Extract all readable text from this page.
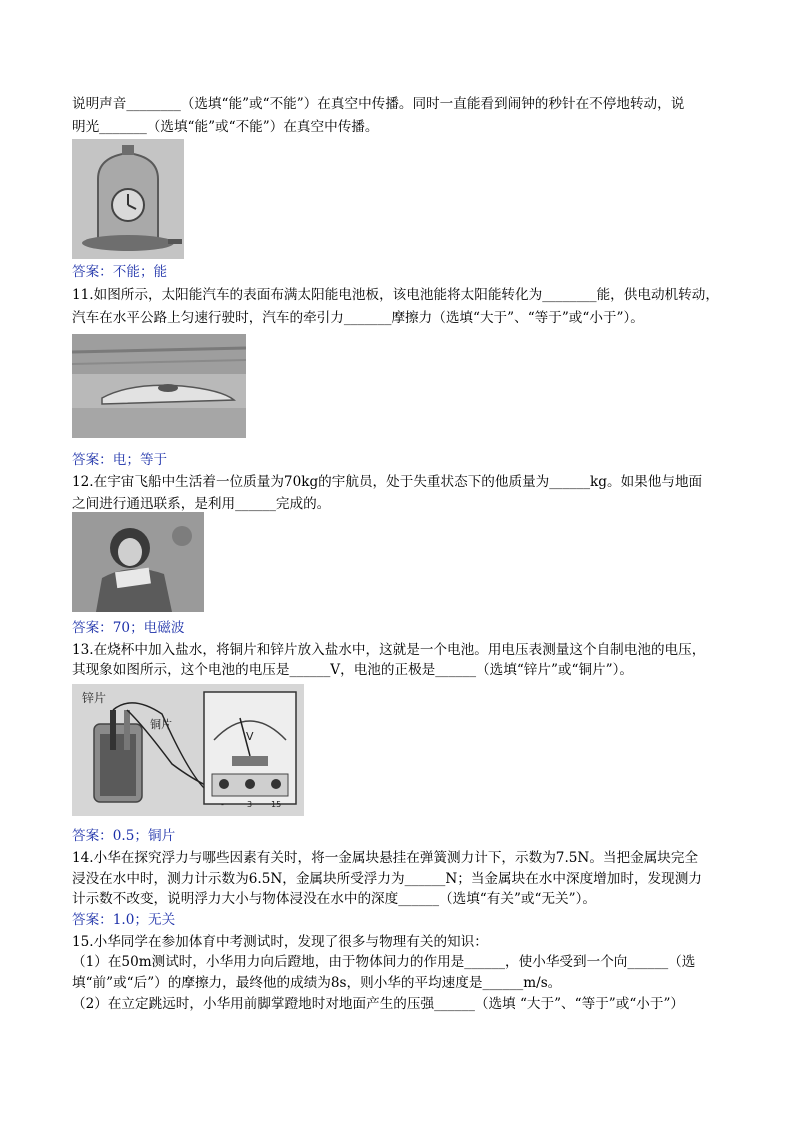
说明声音________（选填“能”或“不能”）在真空中传播。同时一直能看到闹钟的秒针在不停地转动，说
明光_______（选填“能”或“不能”）在真空中传播。
答案：不能；能
11.如图所示，太阳能汽车的表面布满太阳能电池板，该电池能将太阳能转化为________能，供电动机转动，
汽车在水平公路上匀速行驶时，汽车的牵引力_______摩擦力（选填“大于”、“等于”或“小于”）。
答案：电；等于
12.在宇宙飞船中生活着一位质量为70kg的宇航员，处于失重状态下的他质量为______kg。如果他与地面
之间进行通迅联系，是利用______完成的。
答案：70；电磁波
13.在烧杯中加入盐水，将铜片和锌片放入盐水中，这就是一个电池。用电压表测量这个自制电池的电压，
其现象如图所示，这个电池的电压是______V，电池的正极是______（选填“锌片”或“铜片”）。
锌片
铜片
V
-	3 15
答案：0.5；铜片
14.小华在探究浮力与哪些因素有关时，将一金属块悬挂在弹簧测力计下，示数为7.5N。当把金属块完全
浸没在水中时，测力计示数为6.5N，金属块所受浮力为______N；当金属块在水中深度增加时，发现测力
计示数不改变，说明浮力大小与物体浸没在水中的深度______（选填“有关”或“无关”）。
答案：1.0；无关
15.小华同学在参加体育中考测试时，发现了很多与物理有关的知识：
（1）在50m测试时，小华用力向后蹬地，由于物体间力的作用是______，使小华受到一个向______（选
填“前”或“后”）的摩擦力，最终他的成绩为8s，则小华的平均速度是______m/s。
（2）在立定跳远时，小华用前脚掌蹬地时对地面产生的压强______（选填 “大于”、“等于”或“小于”）
